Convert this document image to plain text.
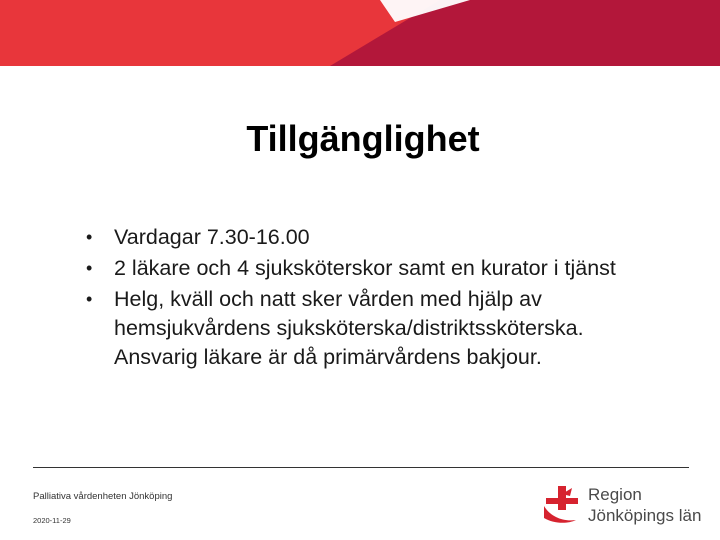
Tillgänglighet
• Vardagar 7.30-16.00
• 2 läkare och 4 sjuksköterskor samt en kurator i tjänst
• Helg, kväll och natt sker vården med hjälp av hemsjukvårdens sjuksköterska/distriktssköterska. Ansvarig läkare är då primärvårdens bakjour.
Palliativa vårdenheten Jönköping
2020-11-29
Region
Jönköpings län
